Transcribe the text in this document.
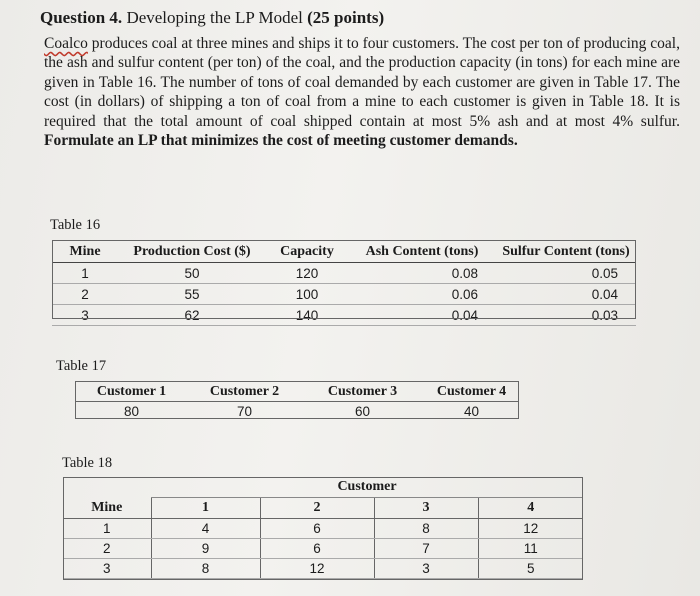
Question 4. Developing the LP Model (25 points)
Coalco produces coal at three mines and ships it to four customers. The cost per ton of producing coal, the ash and sulfur content (per ton) of the coal, and the production capacity (in tons) for each mine are given in Table 16. The number of tons of coal demanded by each customer are given in Table 17. The cost (in dollars) of shipping a ton of coal from a mine to each customer is given in Table 18. It is required that the total amount of coal shipped contain at most 5% ash and at most 4% sulfur. Formulate an LP that minimizes the cost of meeting customer demands.
Table 16
Mine	Production Cost ($)	Capacity	Ash Content (tons)	Sulfur Content (tons)
1	50	120	0.08	0.05
2	55	100	0.06	0.04
3	62	140	0.04	0.03
Table 17
Customer 1	Customer 2	Customer 3	Customer 4
80	70	60	40
Table 18
	Customer			
Mine	1	2	3	4
1	4	6	8	12
2	9	6	7	11
3	8	12	3	5
